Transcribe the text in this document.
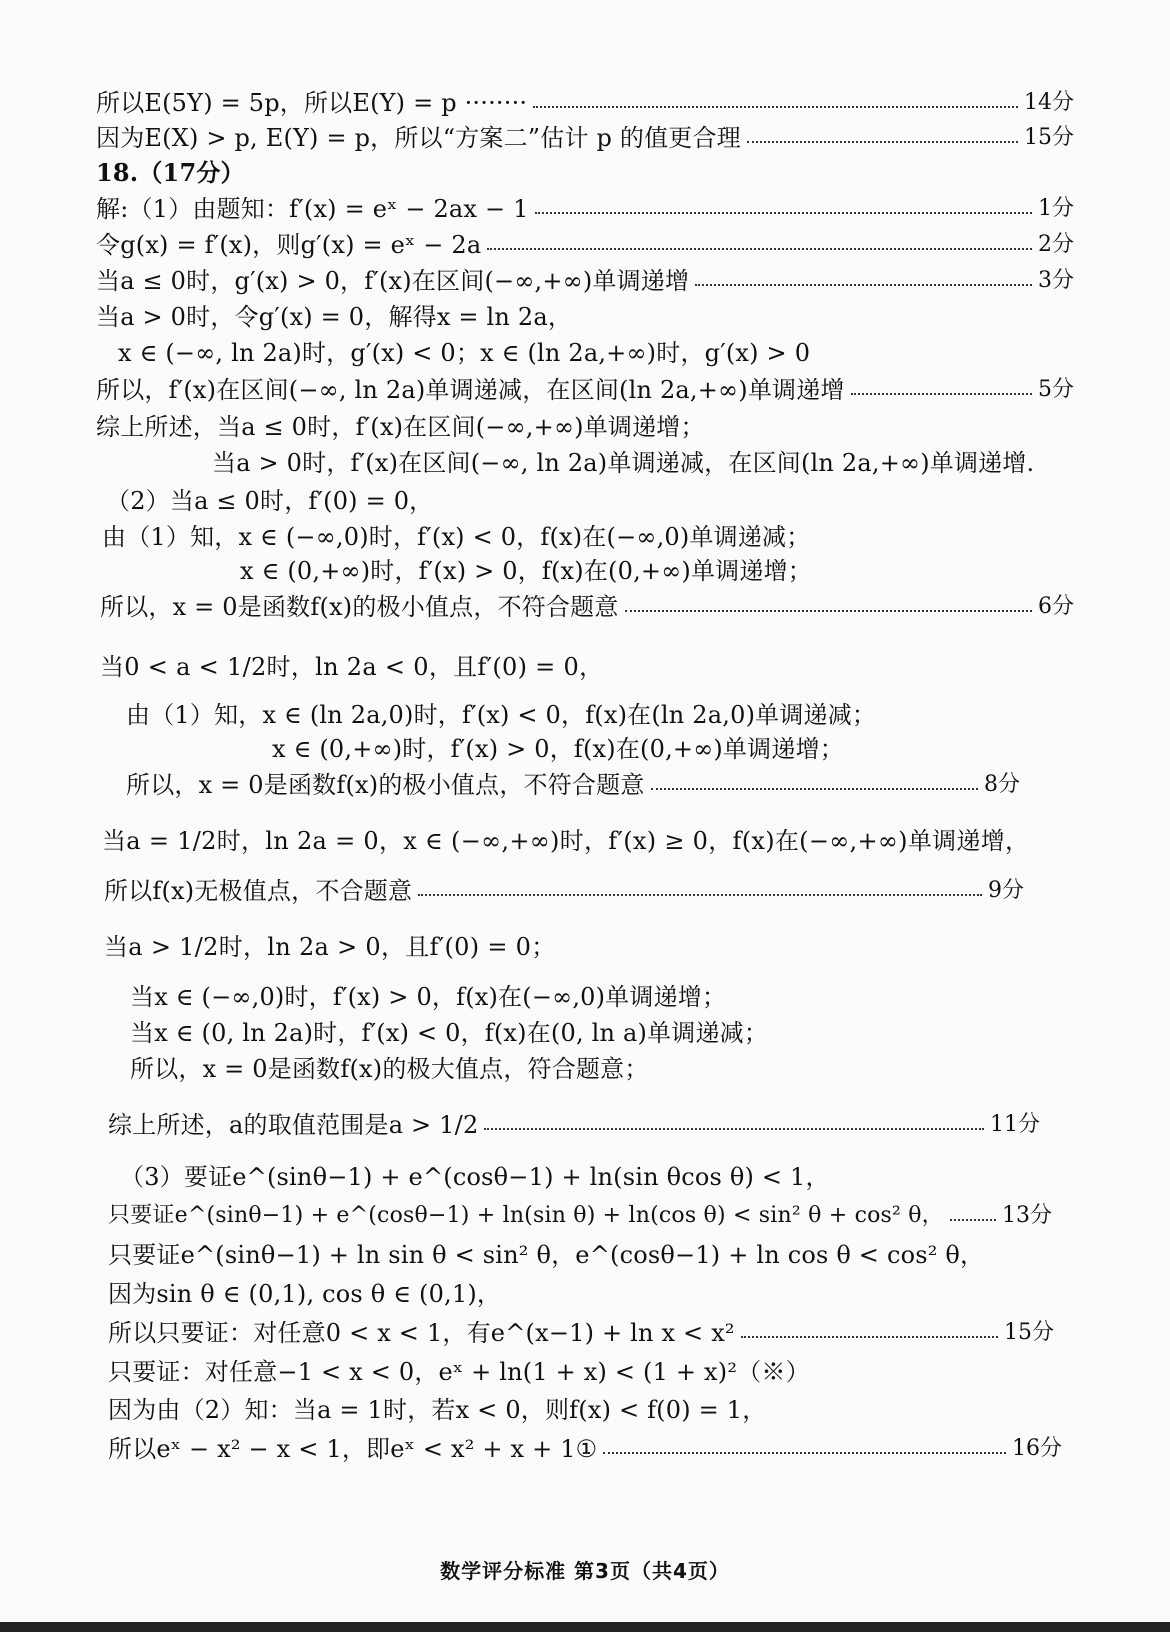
所以E(5Y) = 5p，所以E(Y) = p ········	14分
因为E(X) > p, E(Y) = p，所以“方案二”估计 p 的值更合理	15分
18.（17分）
解:（1）由题知：f′(x) = eˣ − 2ax − 1	1分
令g(x) = f′(x)，则g′(x) = eˣ − 2a	2分
当a ≤ 0时，g′(x) > 0，f′(x)在区间(−∞,+∞)单调递增	3分
当a > 0时，令g′(x) = 0，解得x = ln 2a，
x ∈ (−∞, ln 2a)时，g′(x) < 0；x ∈ (ln 2a,+∞)时，g′(x) > 0
所以，f′(x)在区间(−∞, ln 2a)单调递减，在区间(ln 2a,+∞)单调递增	5分
综上所述，当a ≤ 0时，f′(x)在区间(−∞,+∞)单调递增；
当a > 0时，f′(x)在区间(−∞, ln 2a)单调递减，在区间(ln 2a,+∞)单调递增.
（2）当a ≤ 0时，f′(0) = 0，
由（1）知，x ∈ (−∞,0)时，f′(x) < 0，f(x)在(−∞,0)单调递减；
x ∈ (0,+∞)时，f′(x) > 0，f(x)在(0,+∞)单调递增；
所以，x = 0是函数f(x)的极小值点，不符合题意	6分
当0 < a < 1/2时，ln 2a < 0，且f′(0) = 0，
由（1）知，x ∈ (ln 2a,0)时，f′(x) < 0，f(x)在(ln 2a,0)单调递减；
x ∈ (0,+∞)时，f′(x) > 0，f(x)在(0,+∞)单调递增；
所以，x = 0是函数f(x)的极小值点，不符合题意	8分
当a = 1/2时，ln 2a = 0，x ∈ (−∞,+∞)时，f′(x) ≥ 0，f(x)在(−∞,+∞)单调递增，
所以f(x)无极值点，不合题意	9分
当a > 1/2时，ln 2a > 0，且f′(0) = 0；
当x ∈ (−∞,0)时，f′(x) > 0，f(x)在(−∞,0)单调递增；
当x ∈ (0, ln 2a)时，f′(x) < 0，f(x)在(0, ln a)单调递减；
所以，x = 0是函数f(x)的极大值点，符合题意；
综上所述，a的取值范围是a > 1/2	11分
（3）要证e^(sinθ−1) + e^(cosθ−1) + ln(sin θcos θ) < 1，
只要证e^(sinθ−1) + e^(cosθ−1) + ln(sin θ) + ln(cos θ) < sin² θ + cos² θ，	13分
只要证e^(sinθ−1) + ln sin θ < sin² θ，e^(cosθ−1) + ln cos θ < cos² θ，
因为sin θ ∈ (0,1), cos θ ∈ (0,1)，
所以只要证：对任意0 < x < 1，有e^(x−1) + ln x < x²	15分
只要证：对任意−1 < x < 0，eˣ + ln(1 + x) < (1 + x)²（※）
因为由（2）知：当a = 1时，若x < 0，则f(x) < f(0) = 1，
所以eˣ − x² − x < 1，即eˣ < x² + x + 1①	16分
数学评分标准 第3页（共4页）
